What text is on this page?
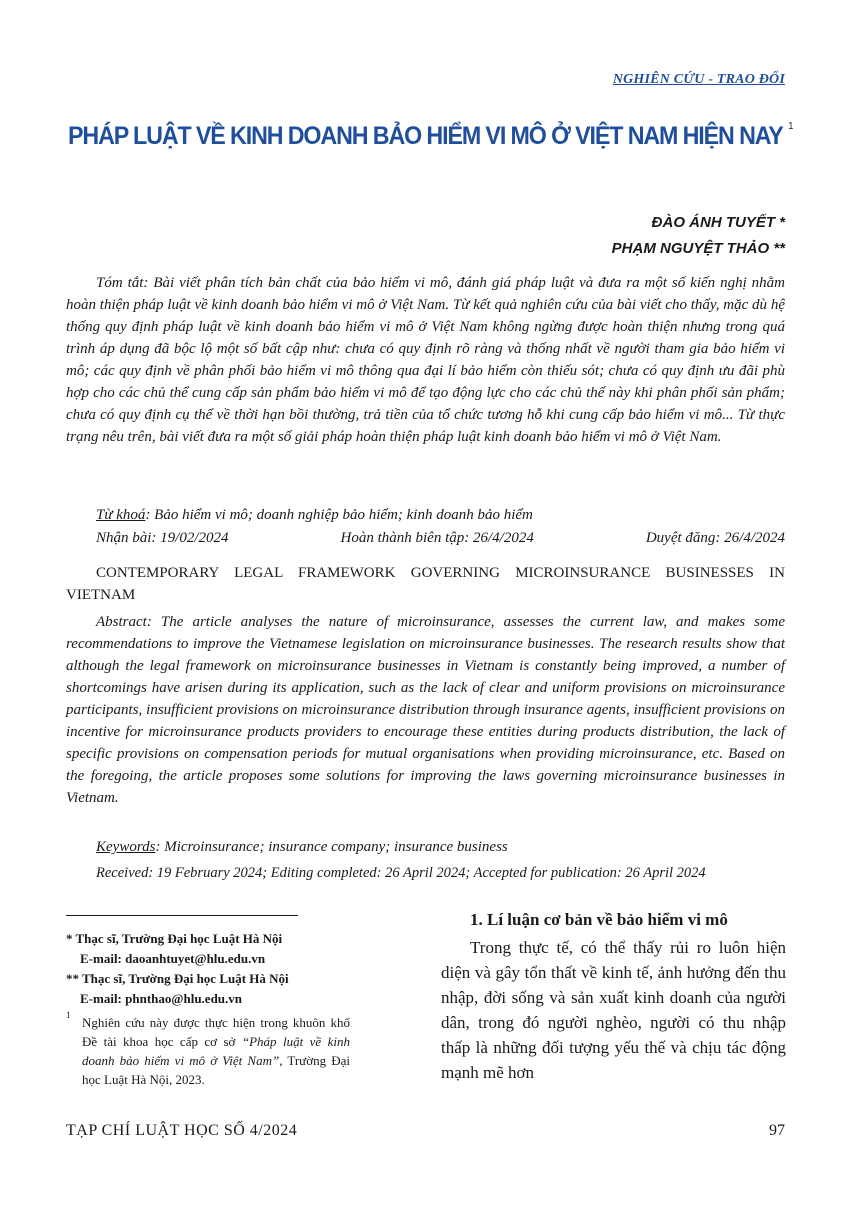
NGHIÊN CỨU - TRAO ĐỔI
PHÁP LUẬT VỀ KINH DOANH BẢO HIỂM VI MÔ Ở VIỆT NAM HIỆN NAY $^1$
ĐÀO ÁNH TUYẾT *
PHẠM NGUYỆT THẢO **
Tóm tắt: Bài viết phân tích bản chất của bảo hiểm vi mô, đánh giá pháp luật và đưa ra một số kiến nghị nhằm hoàn thiện pháp luật về kinh doanh bảo hiểm vi mô ở Việt Nam. Từ kết quả nghiên cứu của bài viết cho thấy, mặc dù hệ thống quy định pháp luật về kinh doanh bảo hiểm vi mô ở Việt Nam không ngừng được hoàn thiện nhưng trong quá trình áp dụng đã bộc lộ một số bất cập như: chưa có quy định rõ ràng và thống nhất về người tham gia bảo hiểm vi mô; các quy định về phân phối bảo hiểm vi mô thông qua đại lí bảo hiểm còn thiếu sót; chưa có quy định ưu đãi phù hợp cho các chủ thể cung cấp sản phẩm bảo hiểm vi mô để tạo động lực cho các chủ thể này khi phân phối sản phẩm; chưa có quy định cụ thể về thời hạn bồi thường, trả tiền của tổ chức tương hỗ khi cung cấp bảo hiểm vi mô... Từ thực trạng nêu trên, bài viết đưa ra một số giải pháp hoàn thiện pháp luật kinh doanh bảo hiểm vi mô ở Việt Nam.
Từ khoá: Bảo hiểm vi mô; doanh nghiệp bảo hiểm; kinh doanh bảo hiểm
Nhận bài: 19/02/2024	Hoàn thành biên tập: 26/4/2024	Duyệt đăng: 26/4/2024
CONTEMPORARY LEGAL FRAMEWORK GOVERNING MICROINSURANCE BUSINESSES IN VIETNAM
Abstract: The article analyses the nature of microinsurance, assesses the current law, and makes some recommendations to improve the Vietnamese legislation on microinsurance businesses. The research results show that although the legal framework on microinsurance businesses in Vietnam is constantly being improved, a number of shortcomings have arisen during its application, such as the lack of clear and uniform provisions on microinsurance participants, insufficient provisions on microinsurance distribution through insurance agents, insufficient provisions on incentive for microinsurance products providers to encourage these entities during products distribution, the lack of specific provisions on compensation periods for mutual organisations when providing microinsurance, etc. Based on the foregoing, the article proposes some solutions for improving the laws governing microinsurance businesses in Vietnam.
Keywords: Microinsurance; insurance company; insurance business
Received: 19 February 2024; Editing completed: 26 April 2024; Accepted for publication: 26 April 2024
* Thạc sĩ, Trường Đại học Luật Hà Nội
E-mail: daoanhtuyet@hlu.edu.vn
** Thạc sĩ, Trường Đại học Luật Hà Nội
E-mail: phnthao@hlu.edu.vn
1 Nghiên cứu này được thực hiện trong khuôn khổ Đề tài khoa học cấp cơ sở “Pháp luật về kinh doanh bảo hiểm vi mô ở Việt Nam”, Trường Đại học Luật Hà Nội, 2023.
1. Lí luận cơ bản về bảo hiểm vi mô
Trong thực tế, có thể thấy rủi ro luôn hiện diện và gây tổn thất về kinh tế, ảnh hưởng đến thu nhập, đời sống và sản xuất kinh doanh của người dân, trong đó người nghèo, người có thu nhập thấp là những đối tượng yếu thế và chịu tác động mạnh mẽ hơn
TẠP CHÍ LUẬT HỌC SỐ 4/2024	97
